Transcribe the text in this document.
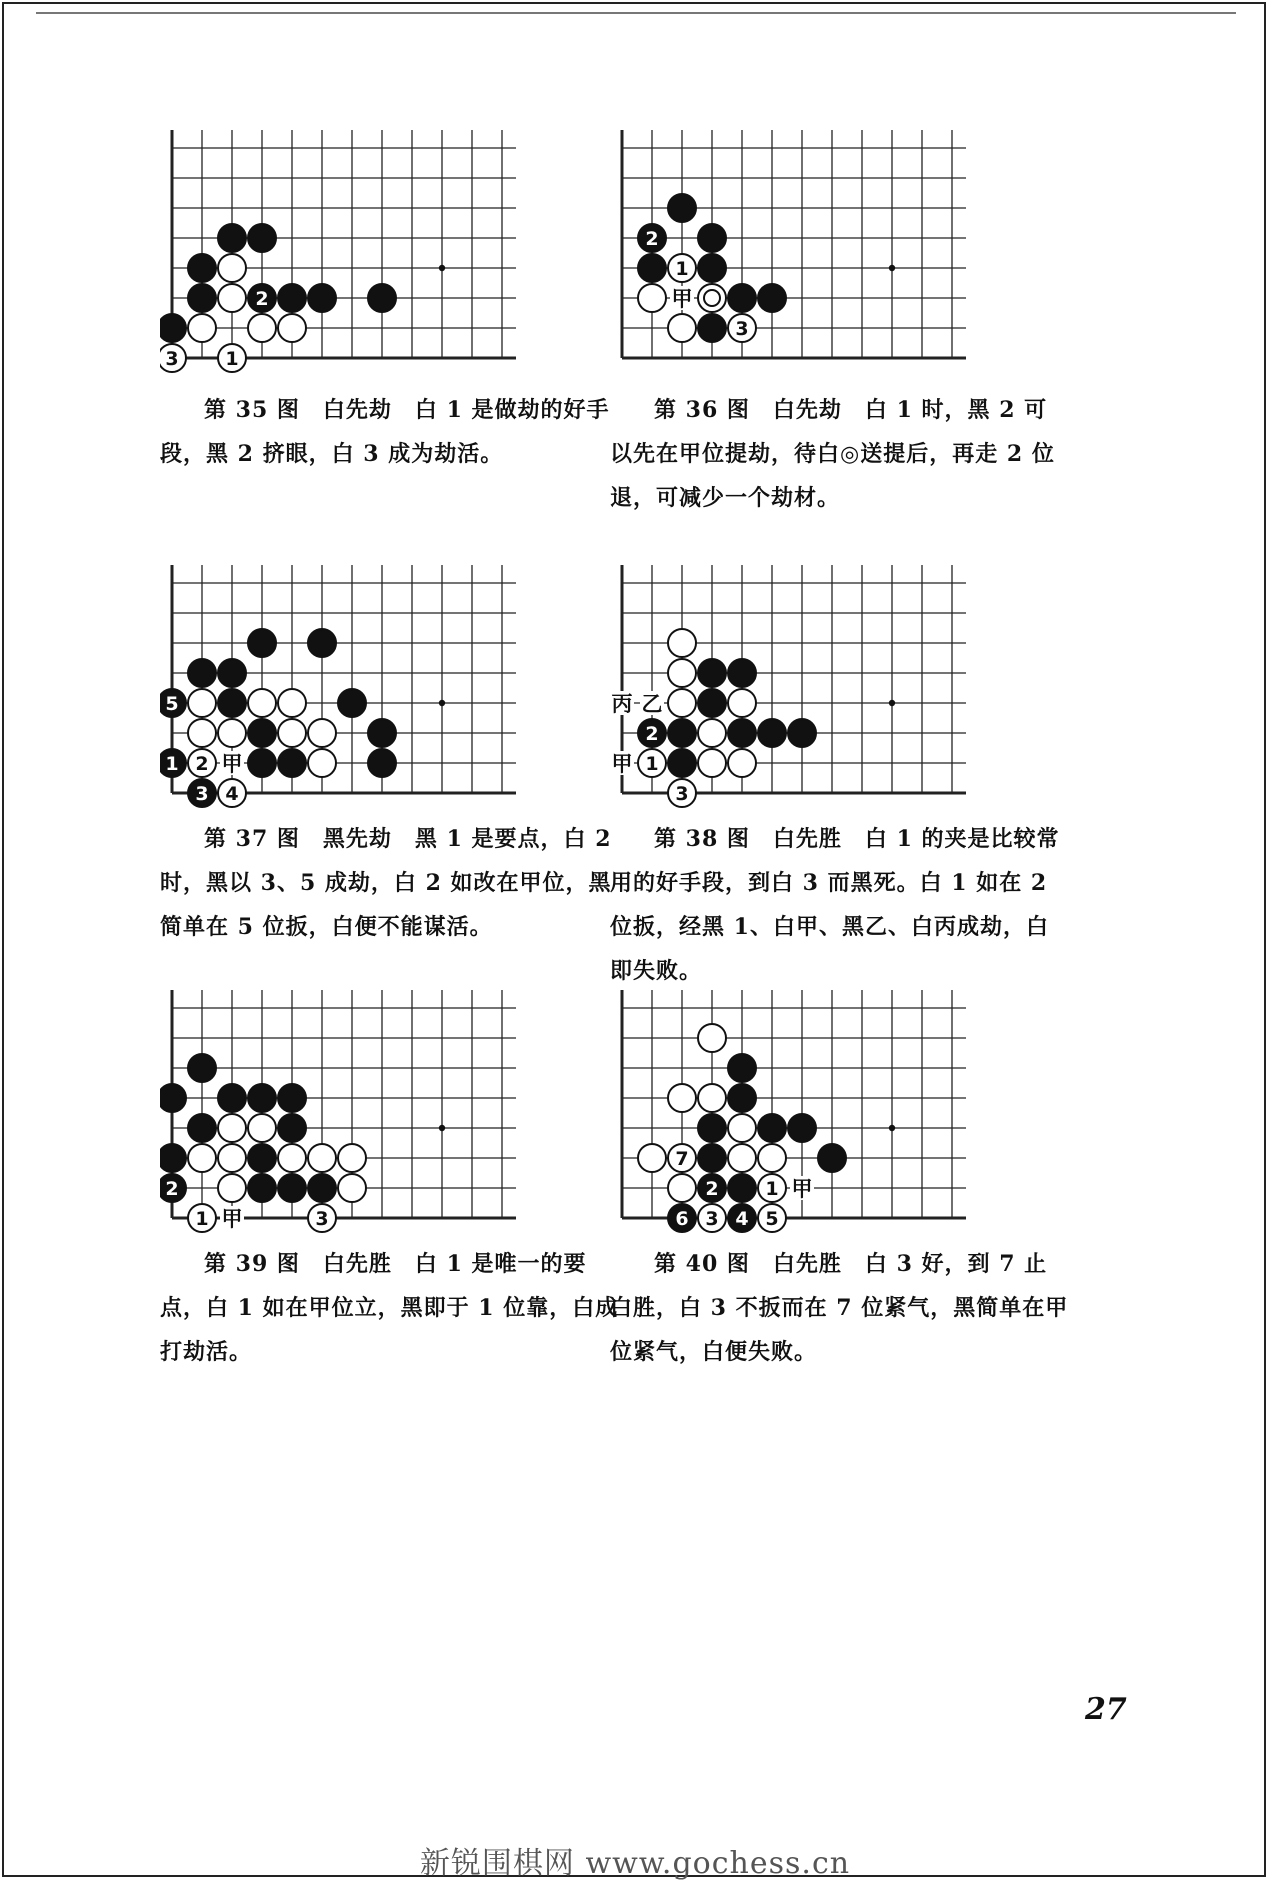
2
3 1
第 35 图　白先劫　白 1 是做劫的好手段，黑 2 挤眼，白 3 成为劫活。
甲
2
1
3
第 36 图　白先劫　白 1 时，黑 2 可以先在甲位提劫，待白◎送提后，再走 2 位退，可减少一个劫材。
甲
5
1 2
3 4
第 37 图　黑先劫　黑 1 是要点，白 2 时，黑以 3、5 成劫，白 2 如改在甲位，黑简单在 5 位扳，白便不能谋活。
丙 乙
甲
2
1
3
第 38 图　白先胜　白 1 的夹是比较常用的好手段，到白 3 而黑死。白 1 如在 2 位扳，经黑 1、白甲、黑乙、白丙成劫，白即失败。
甲
2
1	3
第 39 图　白先胜　白 1 是唯一的要点，白 1 如在甲位立，黑即于 1 位靠，白成打劫活。
甲
7
2 1
6 3 4 5
第 40 图　白先胜　白 3 好，到 7 止白胜，白 3 不扳而在 7 位紧气，黑简单在甲位紧气，白便失败。
27
新锐围棋网 www.gochess.cn
